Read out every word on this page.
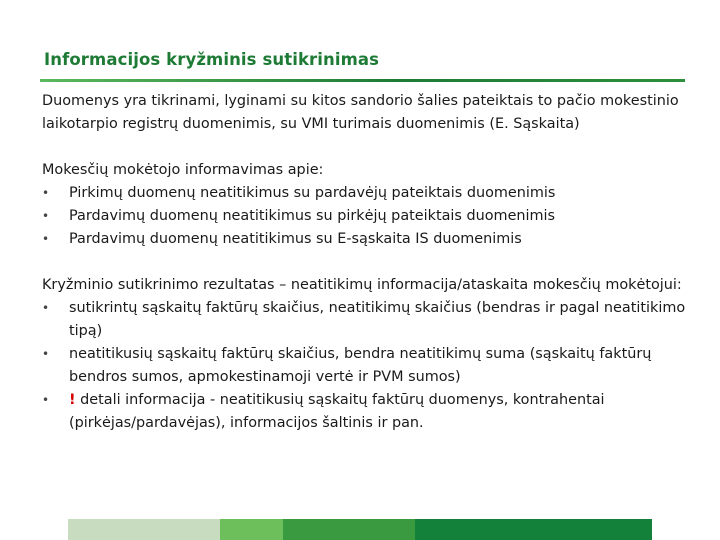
Informacijos kryžminis sutikrinimas

Duomenys yra tikrinami, lyginami su kitos sandorio šalies pateiktais to pačio mokestinio laikotarpio registrų duomenimis, su VMI turimais duomenimis (E. Sąskaita)

Mokesčių mokėtojo informavimas apie:

• Pirkimų duomenų neatitikimus su pardavėjų pateiktais duomenimis
• Pardavimų duomenų neatitikimus su pirkėjų pateiktais duomenimis
• Pardavimų duomenų neatitikimus su E-sąskaita IS duomenimis

Kryžminio sutikrinimo rezultatas – neatitikimų informacija/ataskaita mokesčių mokėtojui:

• sutikrintų sąskaitų faktūrų skaičius, neatitikimų skaičius (bendras ir pagal neatitikimo tipą)
• neatitikusių sąskaitų faktūrų skaičius, bendra neatitikimų suma (sąskaitų faktūrų bendros sumos, apmokestinamoji vertė ir PVM sumos)
• ! detali informacija - neatitikusių sąskaitų faktūrų duomenys, kontrahentai (pirkėjas/pardavėjas), informacijos šaltinis ir pan.
